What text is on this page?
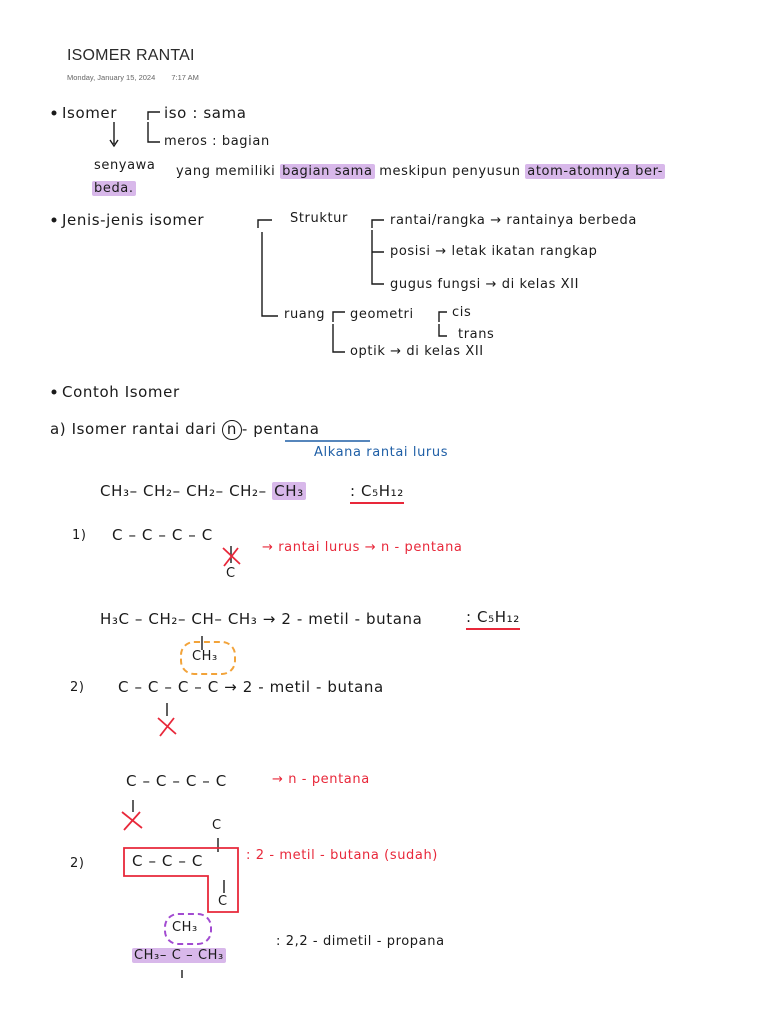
ISOMER RANTAI
Monday, January 15, 2024 7:17 AM
Isomer	iso : sama
meros : bagian
senyawa yang memiliki bagian sama meskipun penyusun atom-atomnya ber-
beda.
Jenis-jenis isomer	Struktur	rantai/rangka → rantainya berbeda
posisi → letak ikatan rangkap
gugus fungsi → di kelas XII
ruang geometri	cis
trans
optik → di kelas XII
Contoh Isomer
a) Isomer rantai dari n - pentana
Alkana rantai lurus
CH₃– CH₂– CH₂– CH₂– CH₃	: C₅H₁₂
1) C – C – C – C
C
→ rantai lurus → n - pentana
H₃C – CH₂– CH– CH₃ → 2 - metil - butana	: C₅H₁₂
CH₃
2) C – C – C – C → 2 - metil - butana
C – C – C – C	→ n - pentana
C
2)	C – C – C
C
: 2 - metil - butana (sudah)
CH₃
CH₃– C – CH₃
: 2,2 - dimetil - propana
